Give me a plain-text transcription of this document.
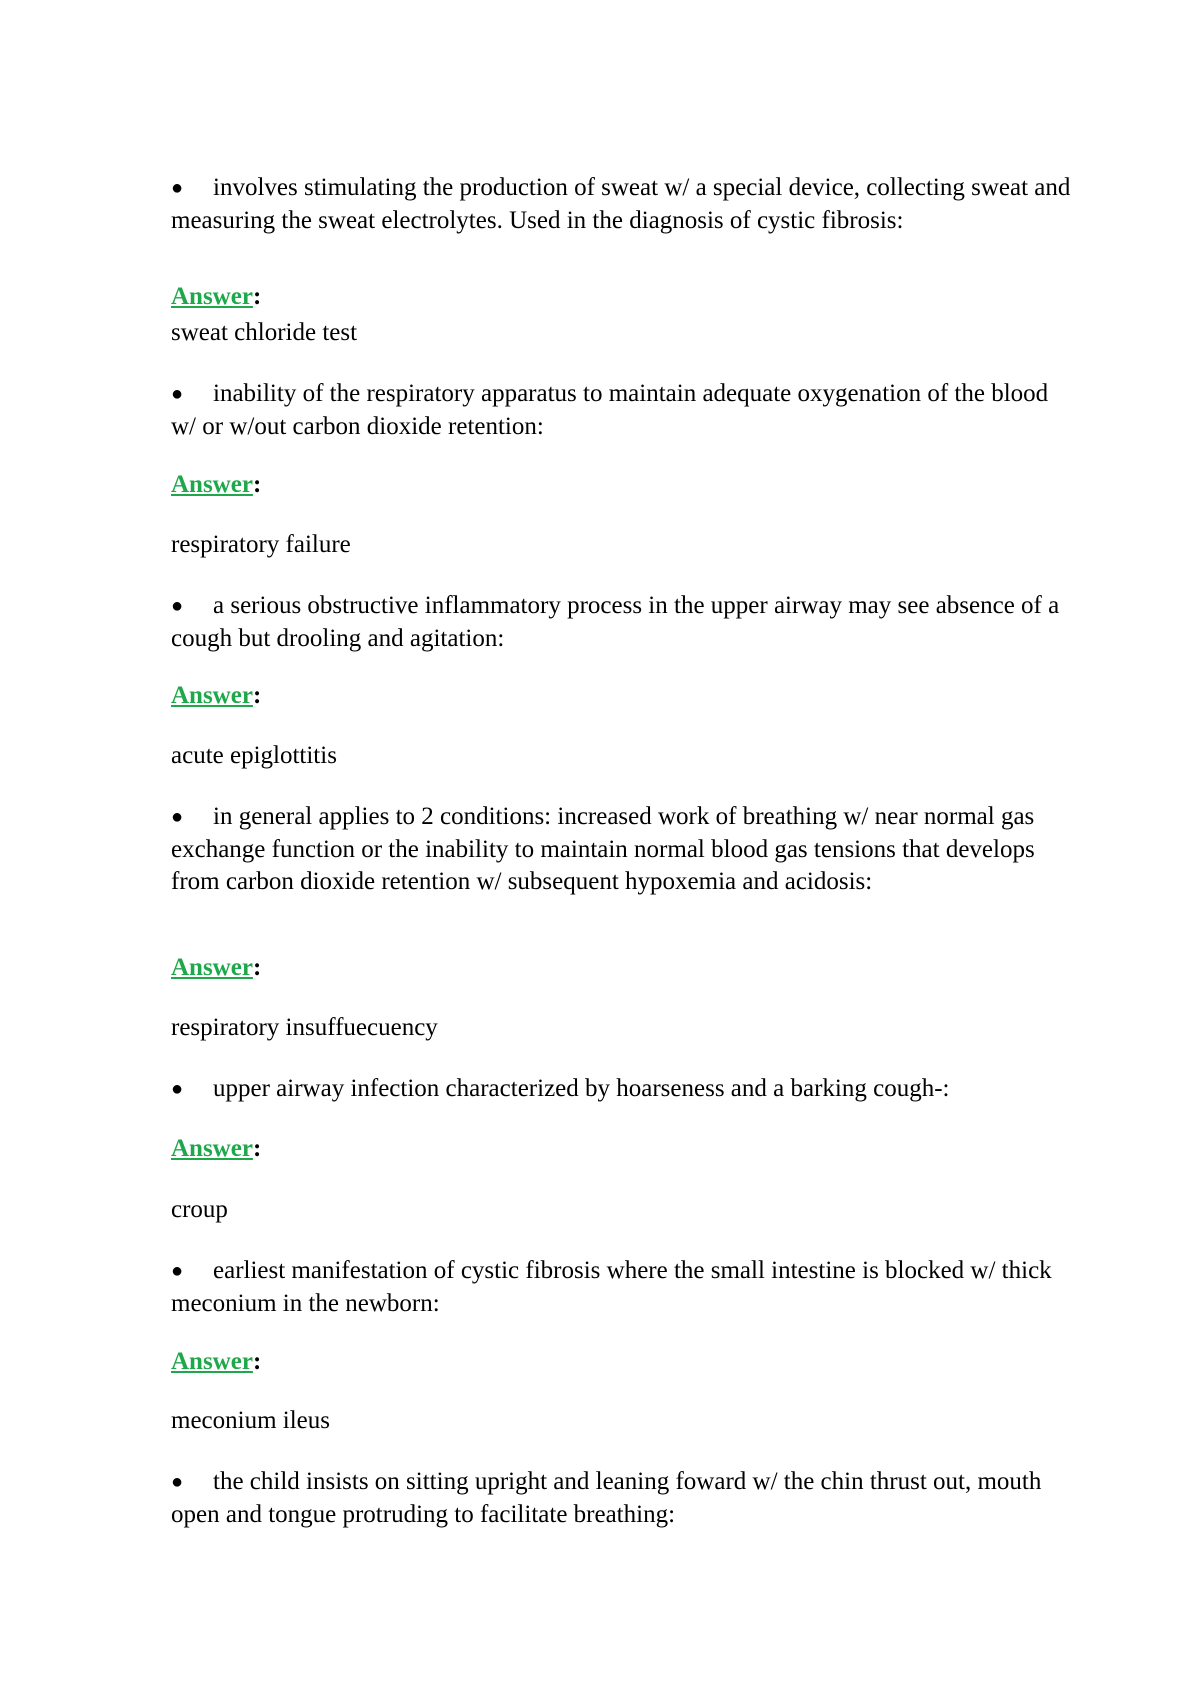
● involves stimulating the production of sweat w/ a special device, collecting sweat and measuring the sweat electrolytes. Used in the diagnosis of cystic fibrosis:

Answer:

sweat chloride test

● inability of the respiratory apparatus to maintain adequate oxygenation of the blood w/ or w/out carbon dioxide retention:

Answer:

respiratory failure

● a serious obstructive inflammatory process in the upper airway may see absence of a cough but drooling and agitation:

Answer:

acute epiglottitis

● in general applies to 2 conditions: increased work of breathing w/ near normal gas exchange function or the inability to maintain normal blood gas tensions that develops from carbon dioxide retention w/ subsequent hypoxemia and acidosis:

Answer:

respiratory insuffuecuency

● upper airway infection characterized by hoarseness and a barking cough-:

Answer:

croup

● earliest manifestation of cystic fibrosis where the small intestine is blocked w/ thick meconium in the newborn:

Answer:

meconium ileus

● the child insists on sitting upright and leaning foward w/ the chin thrust out, mouth open and tongue protruding to facilitate breathing:
